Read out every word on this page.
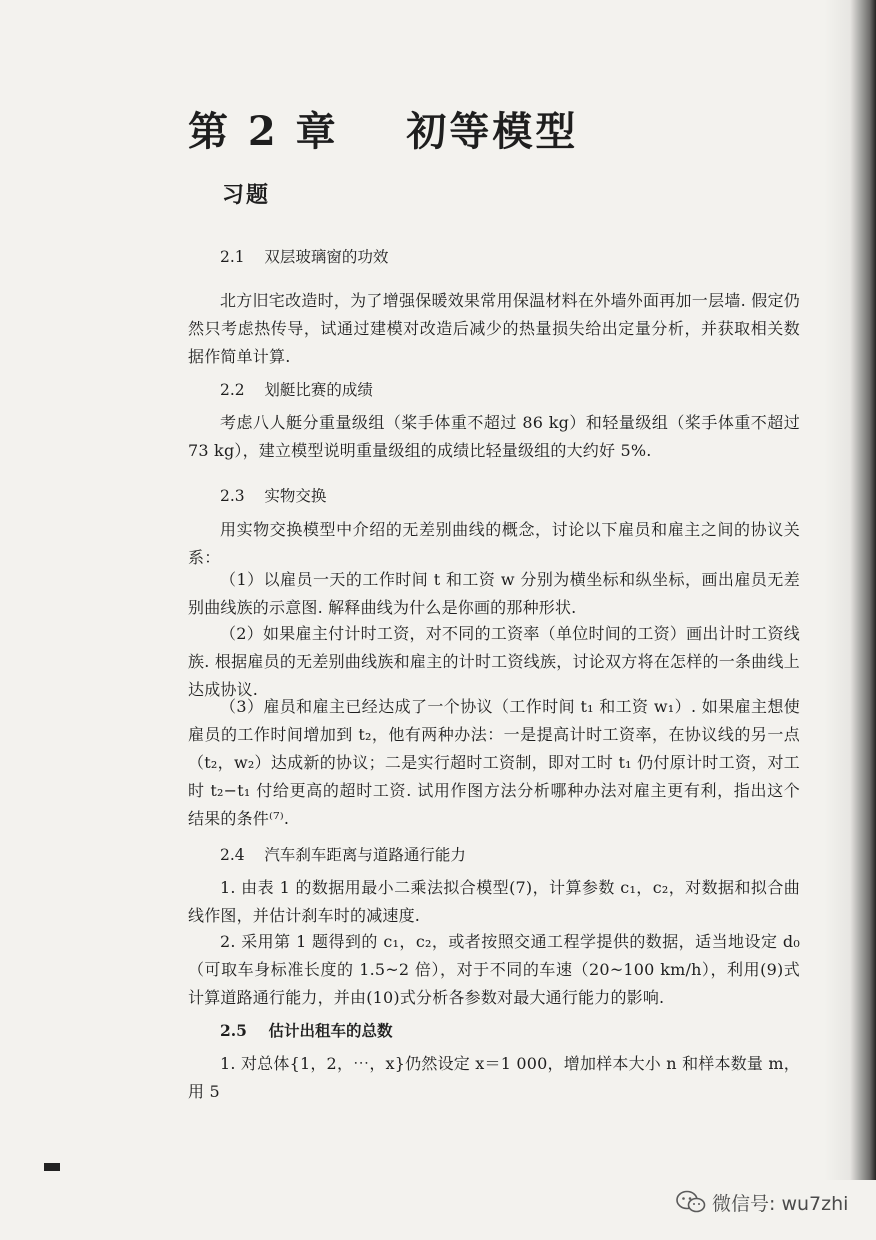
第 2 章    初等模型
习题
2.1    双层玻璃窗的功效

北方旧宅改造时，为了增强保暖效果常用保温材料在外墙外面再加一层墙. 假定仍然只考虑热传导，试通过建模对改造后减少的热量损失给出定量分析，并获取相关数据作简单计算.

2.2    划艇比赛的成绩

考虑八人艇分重量级组（桨手体重不超过 86 kg）和轻量级组（桨手体重不超过 73 kg），建立模型说明重量级组的成绩比轻量级组的大约好 5%.

2.3    实物交换

用实物交换模型中介绍的无差别曲线的概念，讨论以下雇员和雇主之间的协议关系：

（1）以雇员一天的工作时间 t 和工资 w 分别为横坐标和纵坐标，画出雇员无差别曲线族的示意图. 解释曲线为什么是你画的那种形状.

（2）如果雇主付计时工资，对不同的工资率（单位时间的工资）画出计时工资线族. 根据雇员的无差别曲线族和雇主的计时工资线族，讨论双方将在怎样的一条曲线上达成协议.

（3）雇员和雇主已经达成了一个协议（工作时间 t₁ 和工资 w₁）. 如果雇主想使雇员的工作时间增加到 t₂，他有两种办法：一是提高计时工资率，在协议线的另一点（t₂，w₂）达成新的协议；二是实行超时工资制，即对工时 t₁ 仍付原计时工资，对工时 t₂−t₁ 付给更高的超时工资. 试用作图方法分析哪种办法对雇主更有利，指出这个结果的条件⁽⁷⁾.

2.4    汽车刹车距离与道路通行能力

1. 由表 1 的数据用最小二乘法拟合模型(7)，计算参数 c₁，c₂，对数据和拟合曲线作图，并估计刹车时的减速度.

2. 采用第 1 题得到的 c₁，c₂，或者按照交通工程学提供的数据，适当地设定 d₀（可取车身标准长度的 1.5~2 倍），对于不同的车速（20~100 km/h），利用(9)式计算道路通行能力，并由(10)式分析各参数对最大通行能力的影响.

2.5    估计出租车的总数

1. 对总体{1，2，⋯，x}仍然设定 x＝1 000，增加样本大小 n 和样本数量 m，用 5

微信号: wu7zhi
